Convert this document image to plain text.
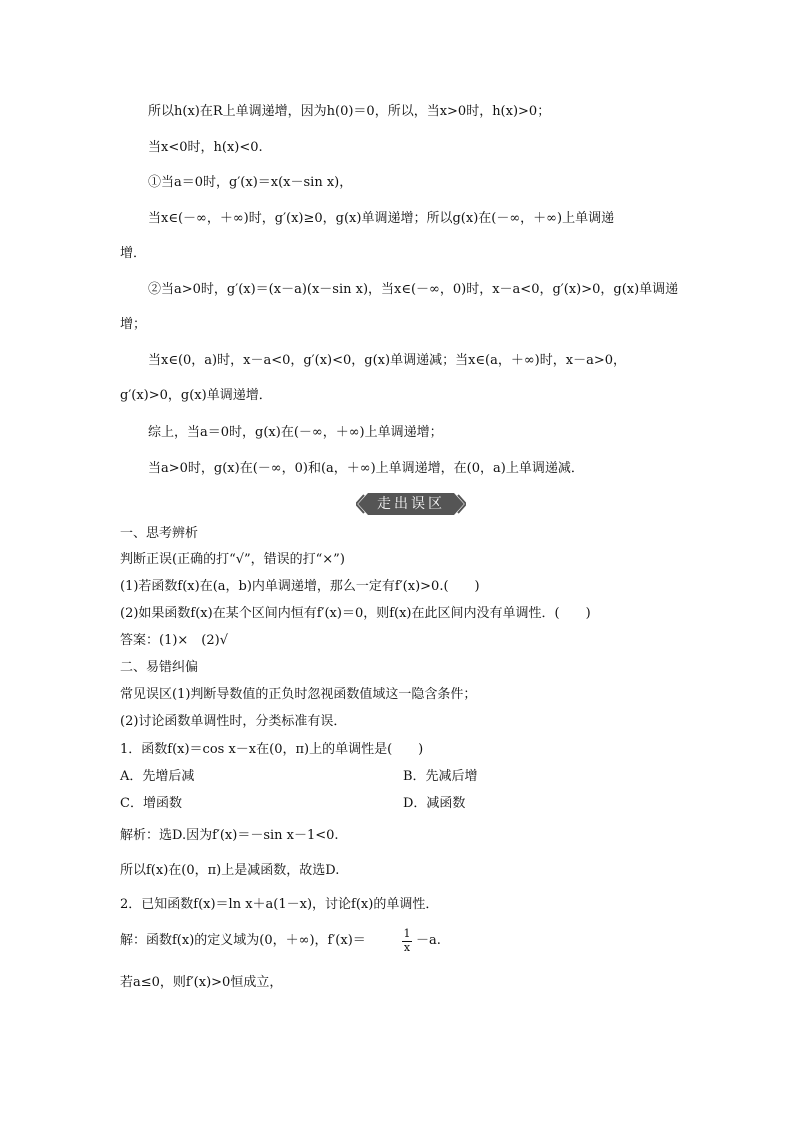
所以h(x)在R上单调递增，因为h(0)＝0，所以，当x>0时，h(x)>0；
当x<0时，h(x)<0.
①当a＝0时，g′(x)＝x(x－sin x)，
当x∈(－∞，＋∞)时，g′(x)≥0，g(x)单调递增；所以g(x)在(－∞，＋∞)上单调递
增．
②当a>0时，g′(x)＝(x－a)(x－sin x)，当x∈(－∞，0)时，x－a<0，g′(x)>0，g(x)单调递
增；
当x∈(0，a)时，x－a<0，g′(x)<0，g(x)单调递减；当x∈(a，＋∞)时，x－a>0，
g′(x)>0，g(x)单调递增．
综上，当a＝0时，g(x)在(－∞，＋∞)上单调递增；
当a>0时，g(x)在(－∞，0)和(a，＋∞)上单调递增，在(0，a)上单调递减．
走出误区
一、思考辨析
判断正误(正确的打“√”，错误的打“×”)
(1)若函数f(x)在(a，b)内单调递增，那么一定有f′(x)>0.(　　)
(2)如果函数f(x)在某个区间内恒有f′(x)＝0，则f(x)在此区间内没有单调性．(　　)
答案：(1)×　(2)√
二、易错纠偏
常见误区(1)判断导数值的正负时忽视函数值域这一隐含条件；
(2)讨论函数单调性时，分类标准有误．
1．函数f(x)＝cos x－x在(0，π)上的单调性是(　　)
A．先增后减	B．先减后增
C．增函数	D．减函数
解析：选D.因为f′(x)＝－sin x－1<0.
所以f(x)在(0，π)上是减函数，故选D.
2．已知函数f(x)＝ln x＋a(1－x)，讨论f(x)的单调性．
解：函数f(x)的定义域为(0，＋∞)，f′(x)＝	1
x －a.
若a≤0，则f′(x)>0恒成立，
